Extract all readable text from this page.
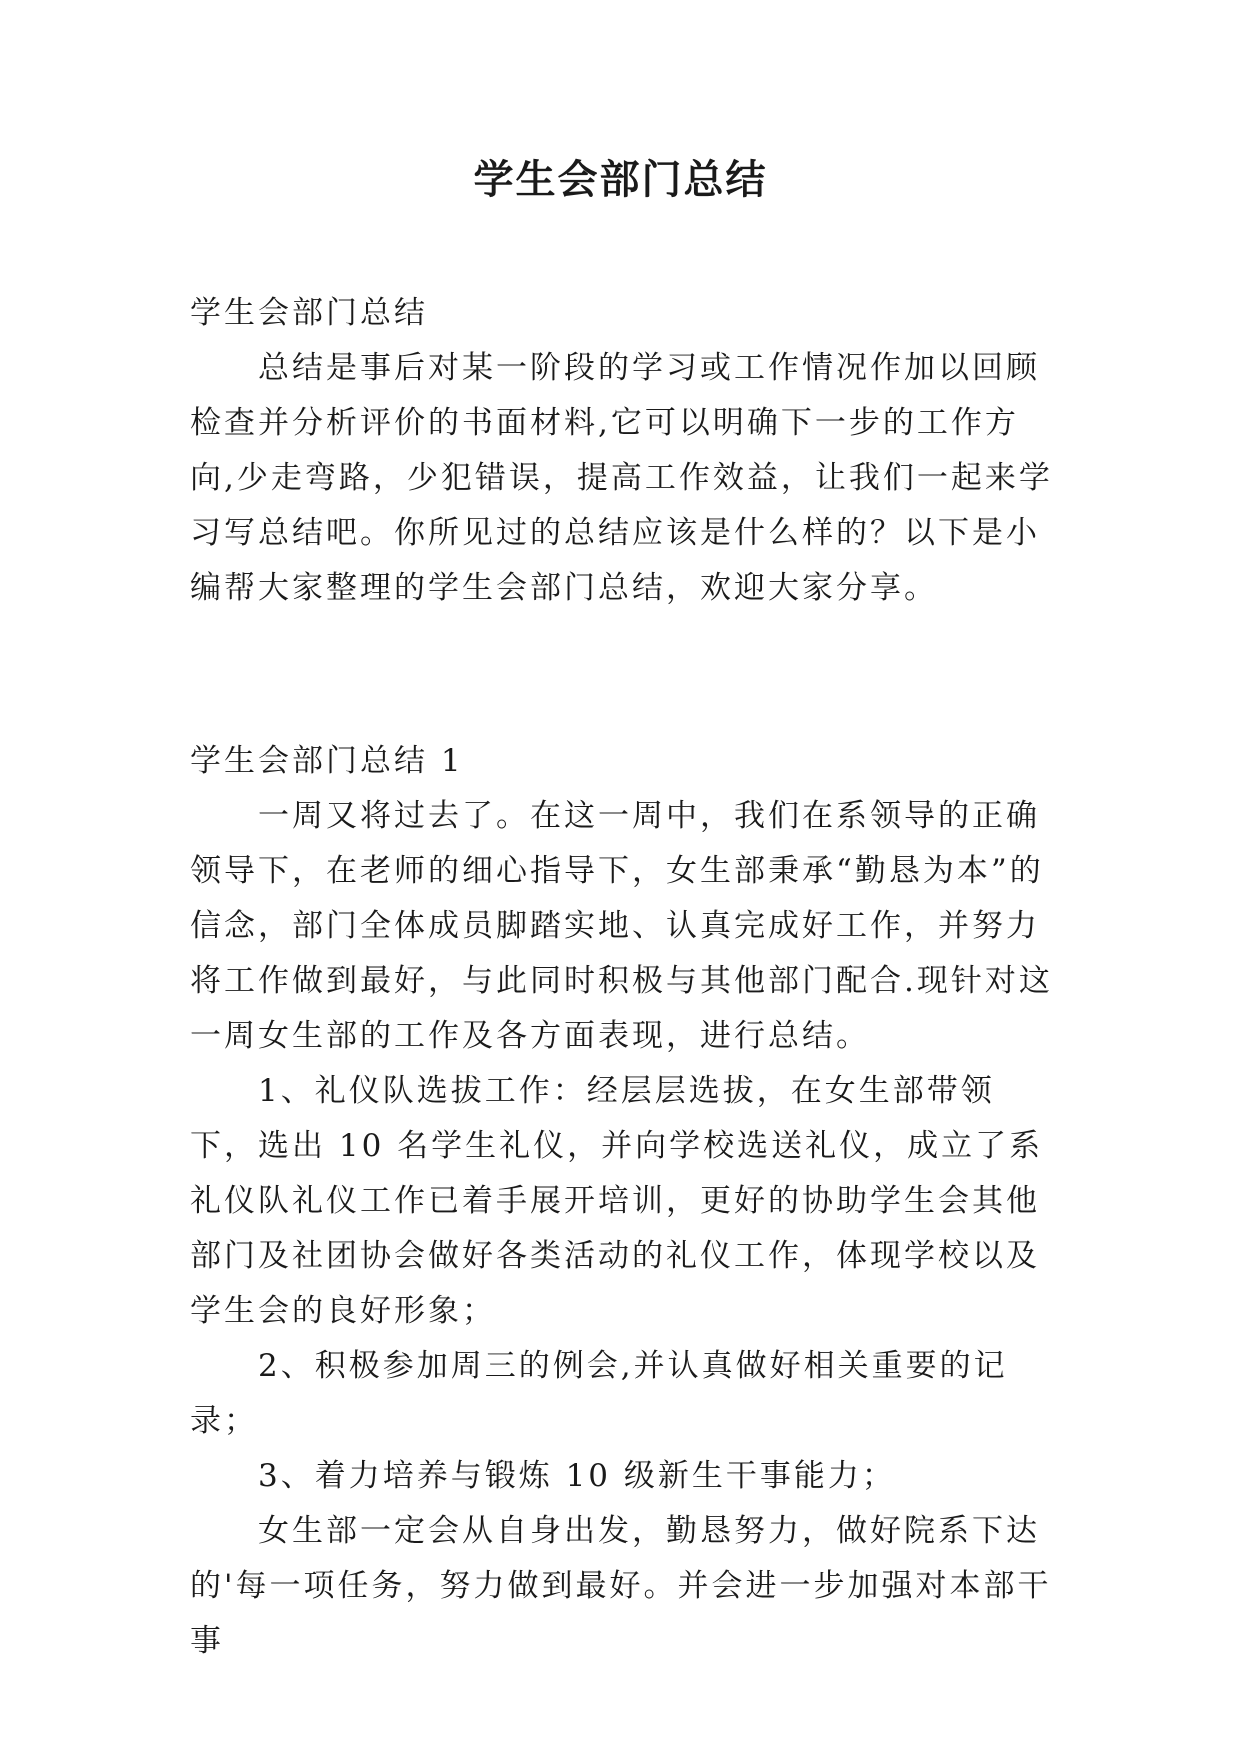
学生会部门总结

学生会部门总结

总结是事后对某一阶段的学习或工作情况作加以回顾检查并分析评价的书面材料,它可以明确下一步的工作方向,少走弯路，少犯错误，提高工作效益，让我们一起来学习写总结吧。你所见过的总结应该是什么样的？以下是小编帮大家整理的学生会部门总结，欢迎大家分享。

学生会部门总结 1

一周又将过去了。在这一周中，我们在系领导的正确领导下，在老师的细心指导下，女生部秉承“勤恳为本”的信念，部门全体成员脚踏实地、认真完成好工作，并努力将工作做到最好，与此同时积极与其他部门配合.现针对这一周女生部的工作及各方面表现，进行总结。

1、礼仪队选拔工作：经层层选拔，在女生部带领下，选出 10 名学生礼仪，并向学校选送礼仪，成立了系礼仪队礼仪工作已着手展开培训，更好的协助学生会其他部门及社团协会做好各类活动的礼仪工作，体现学校以及学生会的良好形象；

2、积极参加周三的例会,并认真做好相关重要的记录；

3、着力培养与锻炼 10 级新生干事能力；

女生部一定会从自身出发，勤恳努力，做好院系下达的'每一项任务，努力做到最好。并会进一步加强对本部干事
